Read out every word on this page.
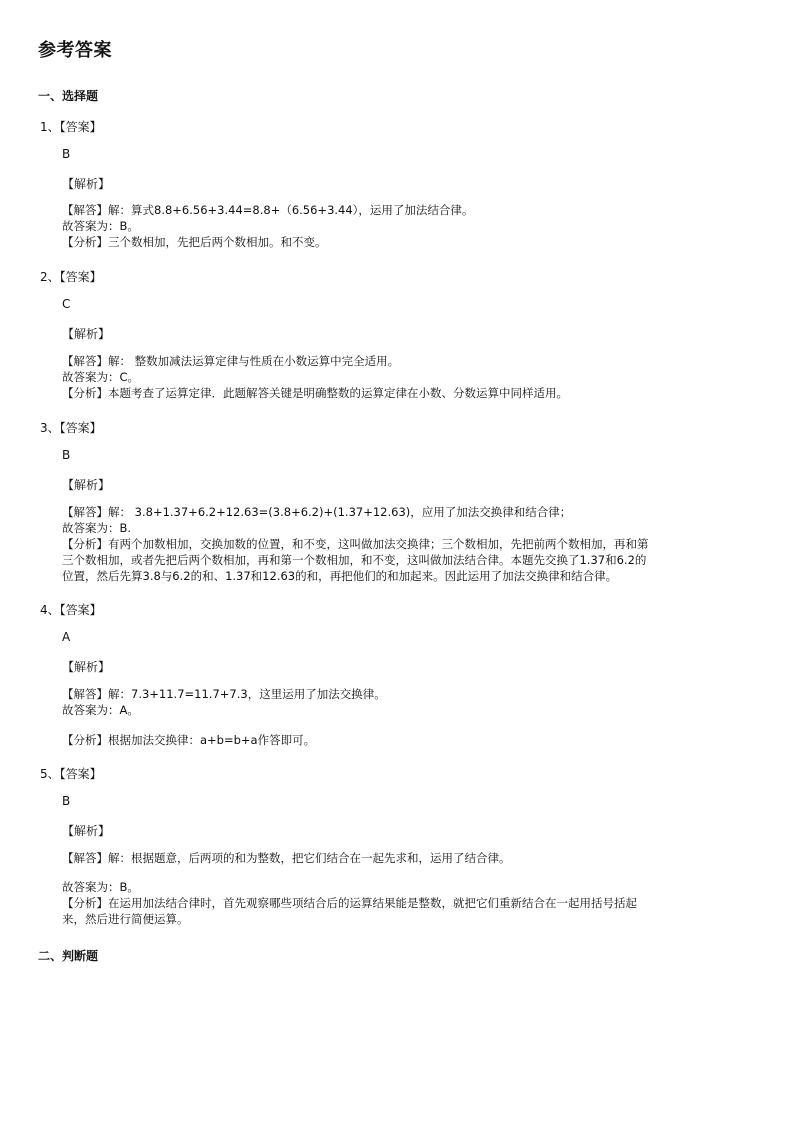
参考答案
一、选择题
1、【答案】
B
【解析】
【解答】解：算式8.8+6.56+3.44=8.8+（6.56+3.44），运用了加法结合律。
故答案为：B。
【分析】三个数相加，先把后两个数相加。和不变。
2、【答案】
C
【解析】
【解答】解： 整数加减法运算定律与性质在小数运算中完全适用。
故答案为：C。
【分析】本题考查了运算定律．此题解答关键是明确整数的运算定律在小数、分数运算中同样适用。
3、【答案】
B
【解析】
【解答】解： 3.8+1.37+6.2+12.63=(3.8+6.2)+(1.37+12.63)，应用了加法交换律和结合律；
故答案为：B.
【分析】有两个加数相加，交换加数的位置，和不变，这叫做加法交换律；三个数相加，先把前两个数相加，再和第
三个数相加，或者先把后两个数相加，再和第一个数相加，和不变，这叫做加法结合律。本题先交换了1.37和6.2的
位置，然后先算3.8与6.2的和、1.37和12.63的和，再把他们的和加起来。因此运用了加法交换律和结合律。
4、【答案】
A
【解析】
【解答】解：7.3+11.7=11.7+7.3，这里运用了加法交换律。
故答案为：A。
【分析】根据加法交换律：a+b=b+a作答即可。
5、【答案】
B
【解析】
【解答】解：根据题意，后两项的和为整数，把它们结合在一起先求和，运用了结合律。
故答案为：B。
【分析】在运用加法结合律时，首先观察哪些项结合后的运算结果能是整数，就把它们重新结合在一起用括号括起
来，然后进行简便运算。
二、判断题
